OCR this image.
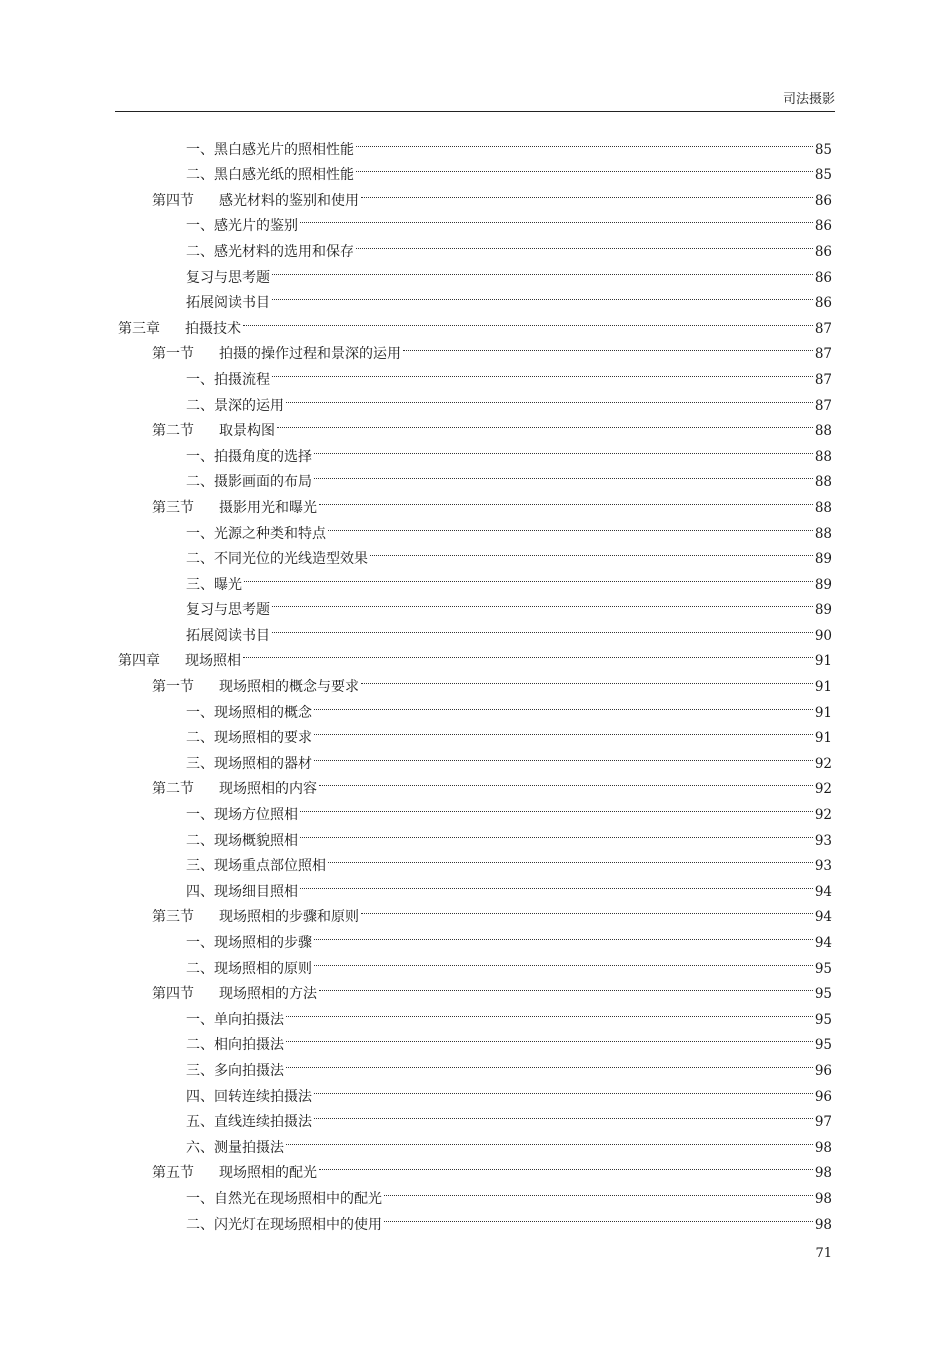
司法摄影
一、黑白感光片的照相性能	85
二、黑白感光纸的照相性能	85
第四节	感光材料的鉴别和使用	86
一、感光片的鉴别	86
二、感光材料的选用和保存	86
复习与思考题	86
拓展阅读书目	86
第三章	拍摄技术	87
第一节	拍摄的操作过程和景深的运用	87
一、拍摄流程	87
二、景深的运用	87
第二节	取景构图	88
一、拍摄角度的选择	88
二、摄影画面的布局	88
第三节	摄影用光和曝光	88
一、光源之种类和特点	88
二、不同光位的光线造型效果	89
三、曝光	89
复习与思考题	89
拓展阅读书目	90
第四章	现场照相	91
第一节	现场照相的概念与要求	91
一、现场照相的概念	91
二、现场照相的要求	91
三、现场照相的器材	92
第二节	现场照相的内容	92
一、现场方位照相	92
二、现场概貌照相	93
三、现场重点部位照相	93
四、现场细目照相	94
第三节	现场照相的步骤和原则	94
一、现场照相的步骤	94
二、现场照相的原则	95
第四节	现场照相的方法	95
一、单向拍摄法	95
二、相向拍摄法	95
三、多向拍摄法	96
四、回转连续拍摄法	96
五、直线连续拍摄法	97
六、测量拍摄法	98
第五节	现场照相的配光	98
一、自然光在现场照相中的配光	98
二、闪光灯在现场照相中的使用	98
71
